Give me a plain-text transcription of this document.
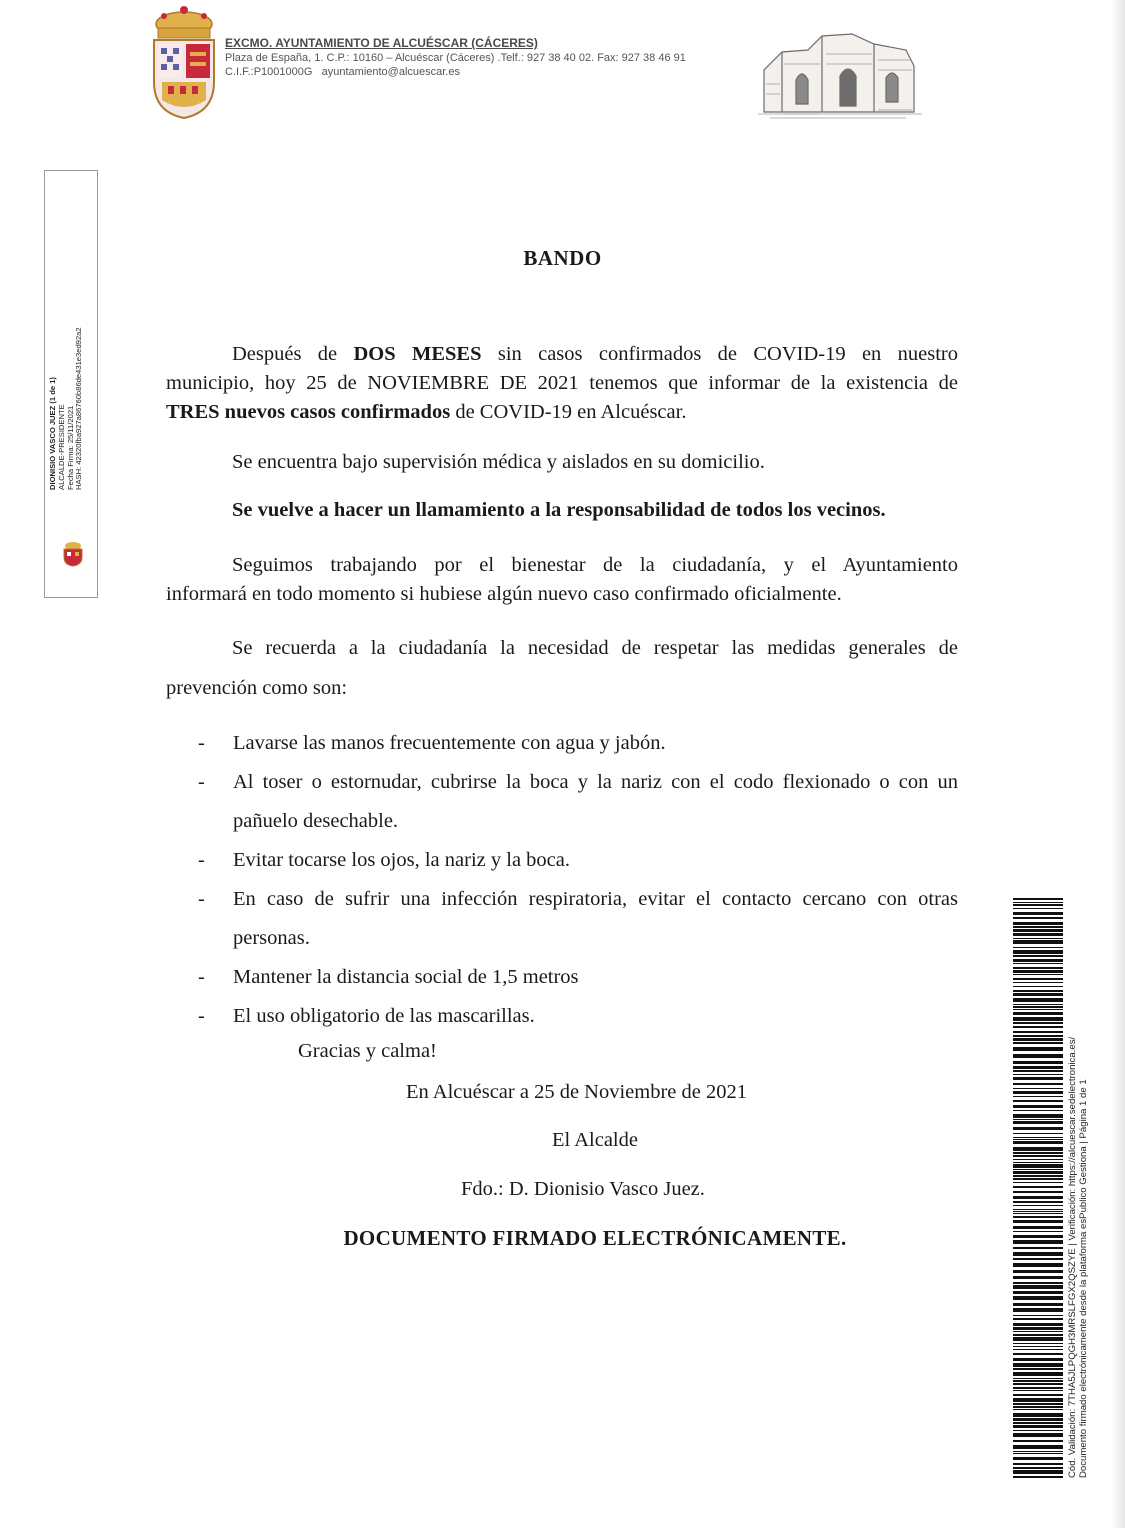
EXCMO. AYUNTAMIENTO DE ALCUÉSCAR (CÁCERES)
Plaza de España, 1. C.P.: 10160 – Alcuéscar (Cáceres) .Telf.: 927 38 40 02. Fax: 927 38 46 91
C.I.F.:P1001000G ayuntamiento@alcuescar.es
DIONISIO VASCO JUEZ (1 de 1) ALCALDE-PRESIDENTE Fecha Firma: 25/11/2021 HASH: 42320fba927a86760b86de431e3ed92a2
BANDO
Después de DOS MESES sin casos confirmados de COVID-19 en nuestro
municipio, hoy 25 de NOVIEMBRE DE 2021 tenemos que informar de la existencia de
TRES nuevos casos confirmados de COVID-19 en Alcuéscar.
Se encuentra bajo supervisión médica y aislados en su domicilio.
Se vuelve a hacer un llamamiento a la responsabilidad de todos los vecinos.
Seguimos trabajando por el bienestar de la ciudadanía, y el Ayuntamiento
informará en todo momento si hubiese algún nuevo caso confirmado oficialmente.
Se recuerda a la ciudadanía la necesidad de respetar las medidas generales de
prevención como son:
- Lavarse las manos frecuentemente con agua y jabón.
- Al toser o estornudar, cubrirse la boca y la nariz con el codo flexionado o con un pañuelo desechable.
- Evitar tocarse los ojos, la nariz y la boca.
- En caso de sufrir una infección respiratoria, evitar el contacto cercano con otras personas.
- Mantener la distancia social de 1,5 metros
- El uso obligatorio de las mascarillas.
Gracias y calma!
En Alcuéscar a 25 de Noviembre de 2021
El Alcalde
Fdo.: D. Dionisio Vasco Juez.
DOCUMENTO FIRMADO ELECTRÓNICAMENTE.	Cód. Validación: 7THA5JLPQGH3MRSLFGX2QSZYE | Verificación: https://alcuescar.sedelectronica.es/ Documento firmado electrónicamente desde la plataforma esPublico Gestiona | Página 1 de 1
